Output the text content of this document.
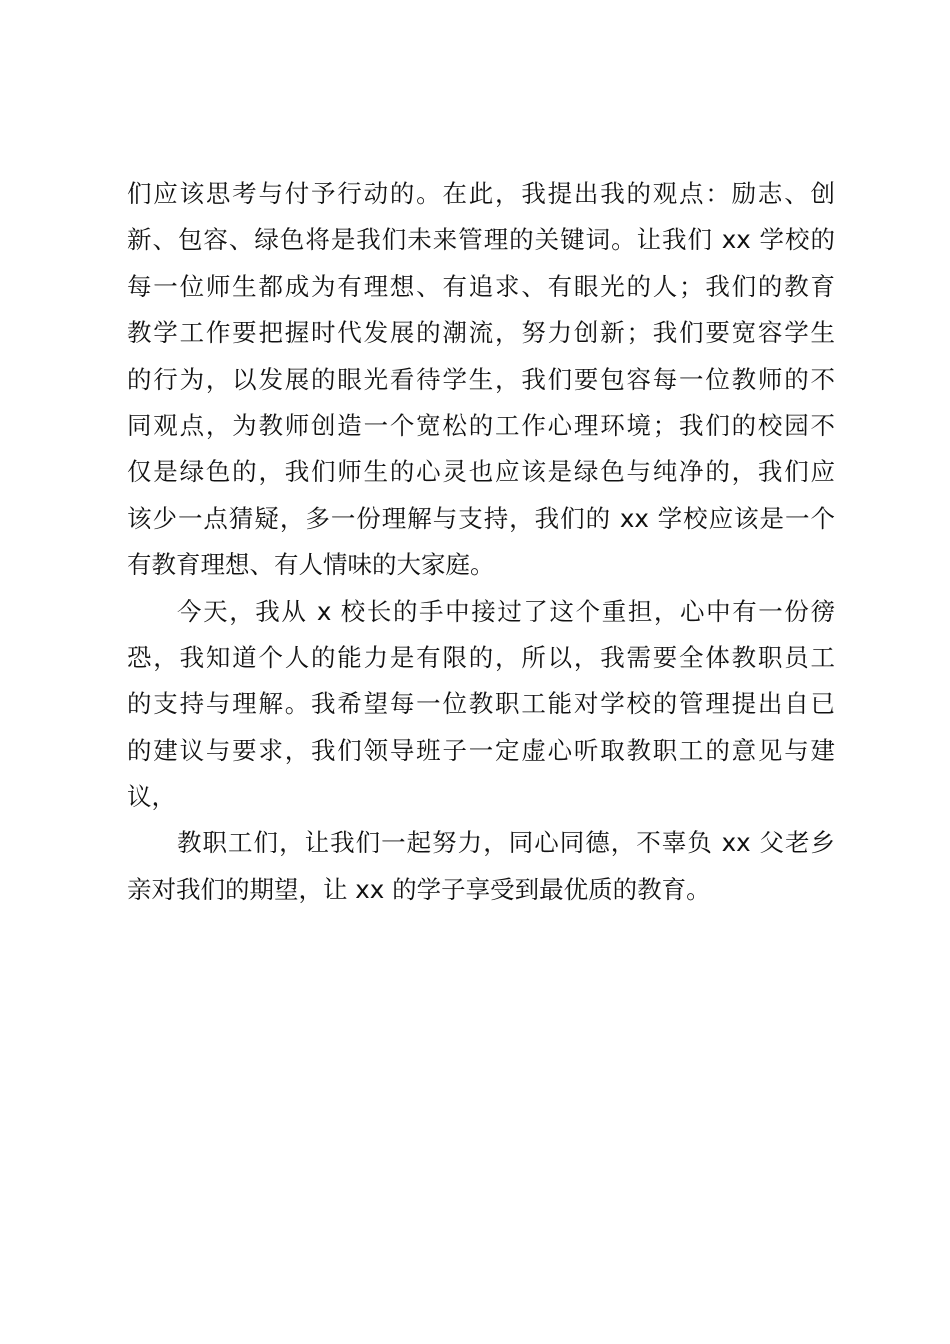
们应该思考与付予行动的。在此，我提出我的观点：励志、创
新、包容、绿色将是我们未来管理的关键词。让我们 xx 学校的
每一位师生都成为有理想、有追求、有眼光的人；我们的教育
教学工作要把握时代发展的潮流，努力创新；我们要宽容学生
的行为，以发展的眼光看待学生，我们要包容每一位教师的不
同观点，为教师创造一个宽松的工作心理环境；我们的校园不
仅是绿色的，我们师生的心灵也应该是绿色与纯净的，我们应
该少一点猜疑，多一份理解与支持，我们的 xx 学校应该是一个
有教育理想、有人情味的大家庭。
今天，我从 x 校长的手中接过了这个重担，心中有一份徬
恐，我知道个人的能力是有限的，所以，我需要全体教职员工
的支持与理解。我希望每一位教职工能对学校的管理提出自已
的建议与要求，我们领导班子一定虚心听取教职工的意见与建
议，
教职工们，让我们一起努力，同心同德，不辜负 xx 父老乡
亲对我们的期望，让 xx 的学子享受到最优质的教育。
